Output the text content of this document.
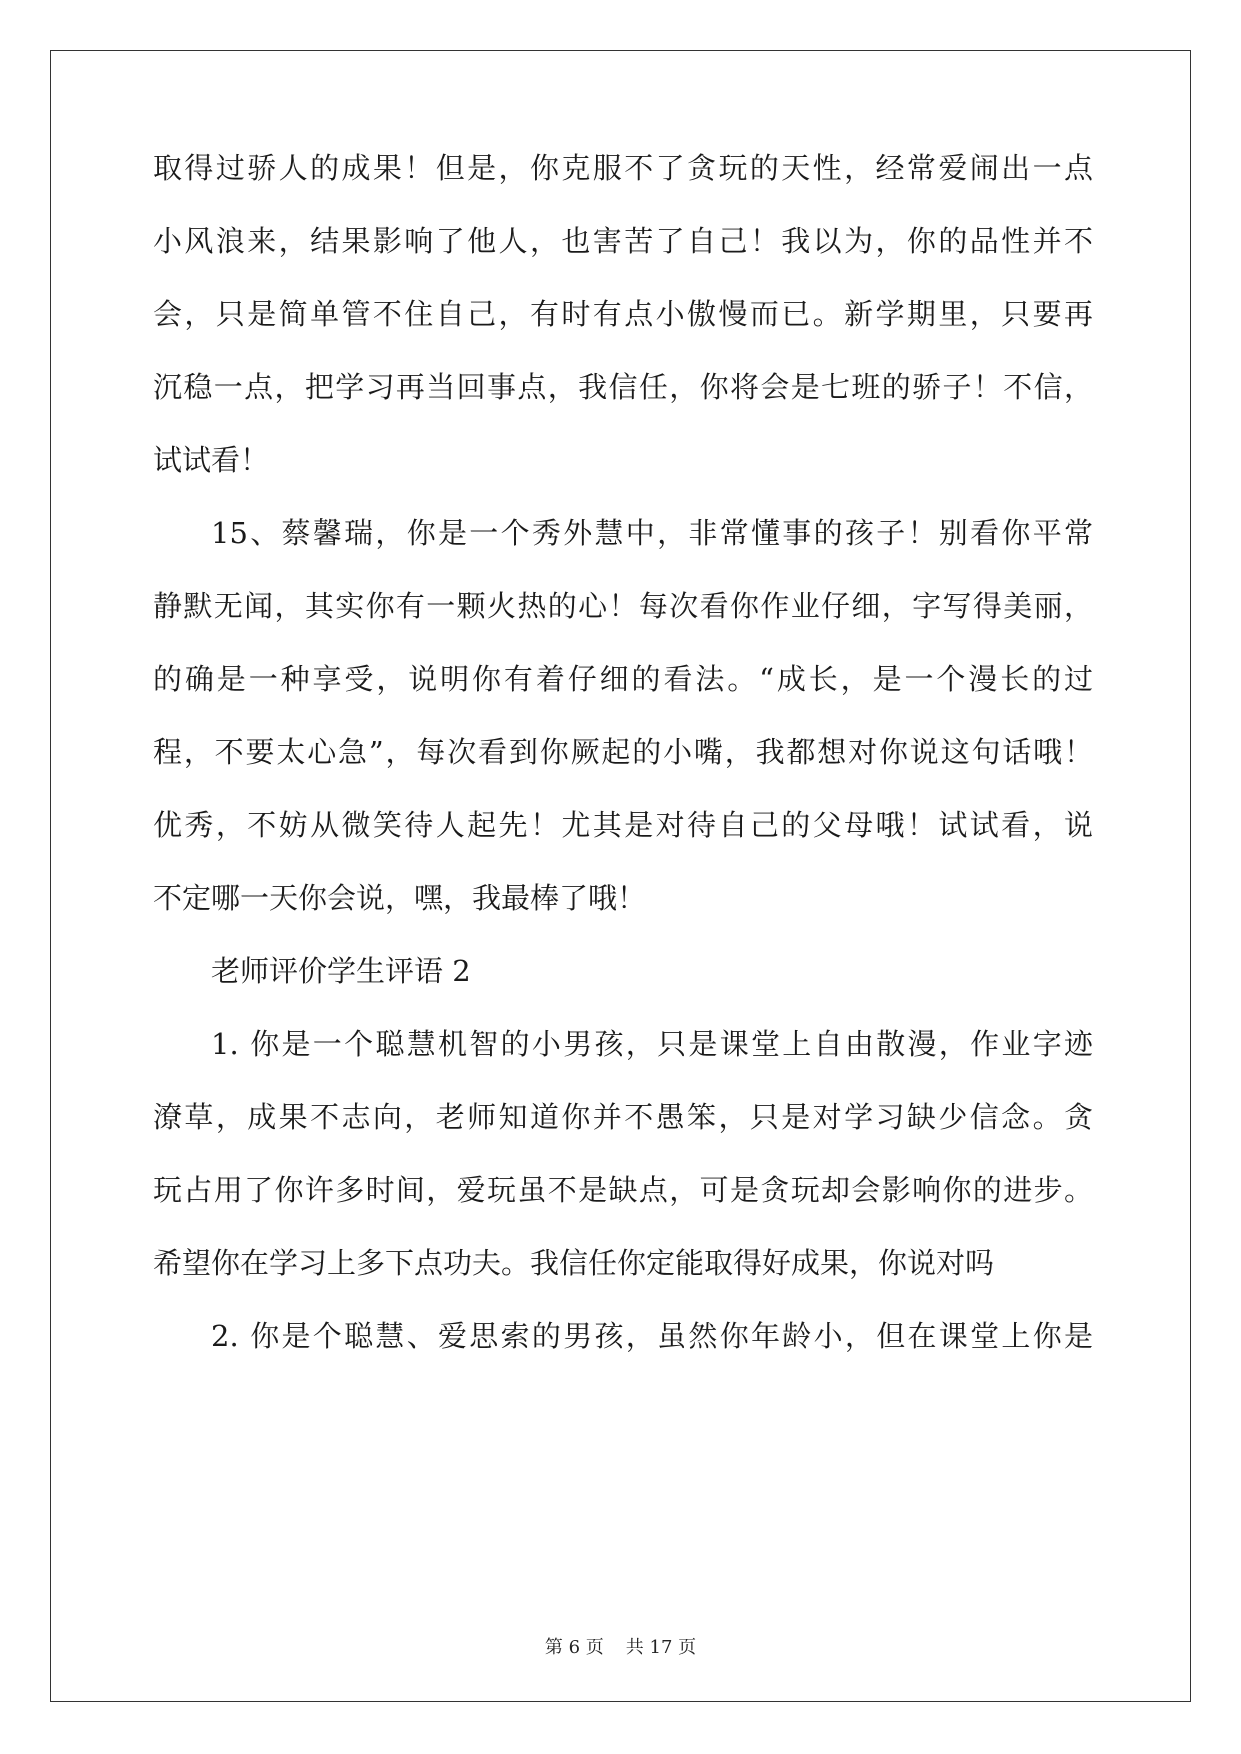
取得过骄人的成果！但是，你克服不了贪玩的天性，经常爱闹出一点
小风浪来，结果影响了他人，也害苦了自己！我以为，你的品性并不
会，只是简单管不住自己，有时有点小傲慢而已。新学期里，只要再
沉稳一点，把学习再当回事点，我信任，你将会是七班的骄子！不信，
试试看！
15、蔡馨瑞，你是一个秀外慧中，非常懂事的孩子！别看你平常
静默无闻，其实你有一颗火热的心！每次看你作业仔细，字写得美丽，
的确是一种享受，说明你有着仔细的看法。“成长，是一个漫长的过
程，不要太心急”，每次看到你厥起的小嘴，我都想对你说这句话哦！
优秀，不妨从微笑待人起先！尤其是对待自己的父母哦！试试看，说
不定哪一天你会说，嘿，我最棒了哦！
老师评价学生评语 2
1. 你是一个聪慧机智的小男孩，只是课堂上自由散漫，作业字迹
潦草，成果不志向，老师知道你并不愚笨，只是对学习缺少信念。贪
玩占用了你许多时间，爱玩虽不是缺点，可是贪玩却会影响你的进步。
希望你在学习上多下点功夫。我信任你定能取得好成果，你说对吗
2. 你是个聪慧、爱思索的男孩，虽然你年龄小，但在课堂上你是
第 6 页 共 17 页
